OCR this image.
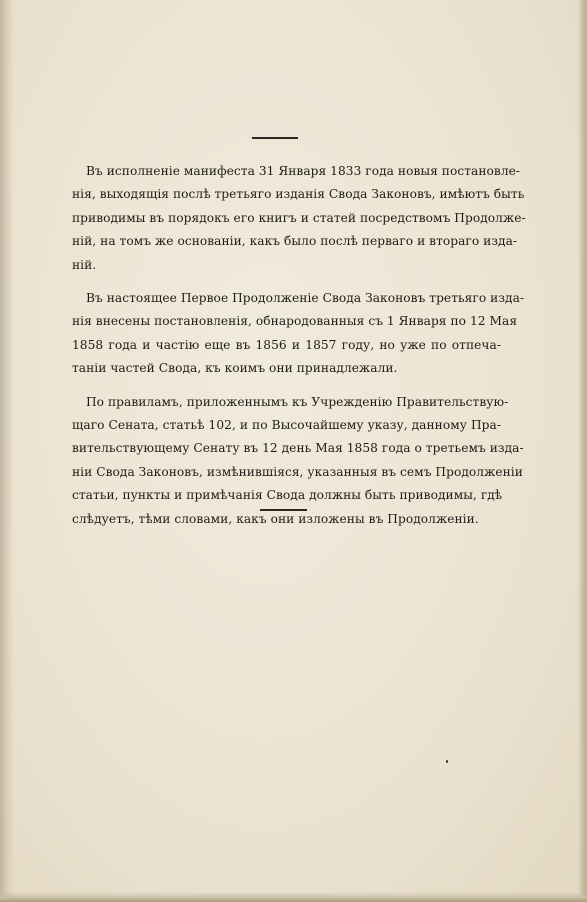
Въ исполненіе манифеста 31 Января 1833 года новыя постановле-
нія, выходящія послѣ третьяго изданія Свода Законовъ, имѣютъ быть
приводимы въ порядокъ его книгъ и статей посредствомъ Продолже-
ній, на томъ же основаніи, какъ было послѣ перваго и втораго изда-
ній.

Въ настоящее Первое Продолженіе Свода Законовъ третьяго изда-
нія внесены постановленія, обнародованныя съ 1 Января по 12 Мая
1858 года и частію еще въ 1856 и 1857 году, но уже по отпеча-
таніи частей Свода, къ коимъ они принадлежали.

По правиламъ, приложеннымъ къ Учрежденію Правительствую-
щаго Сената, статьѣ 102, и по Высочайшему указу, данному Пра-
вительствующему Сенату въ 12 день Мая 1858 года о третьемъ изда-
ніи Свода Законовъ, измѣнившіяся, указанныя въ семъ Продолженіи
статьи, пункты и примѣчанія Свода должны быть приводимы, гдѣ
слѣдуетъ, тѣми словами, какъ они изложены въ Продолженіи.
